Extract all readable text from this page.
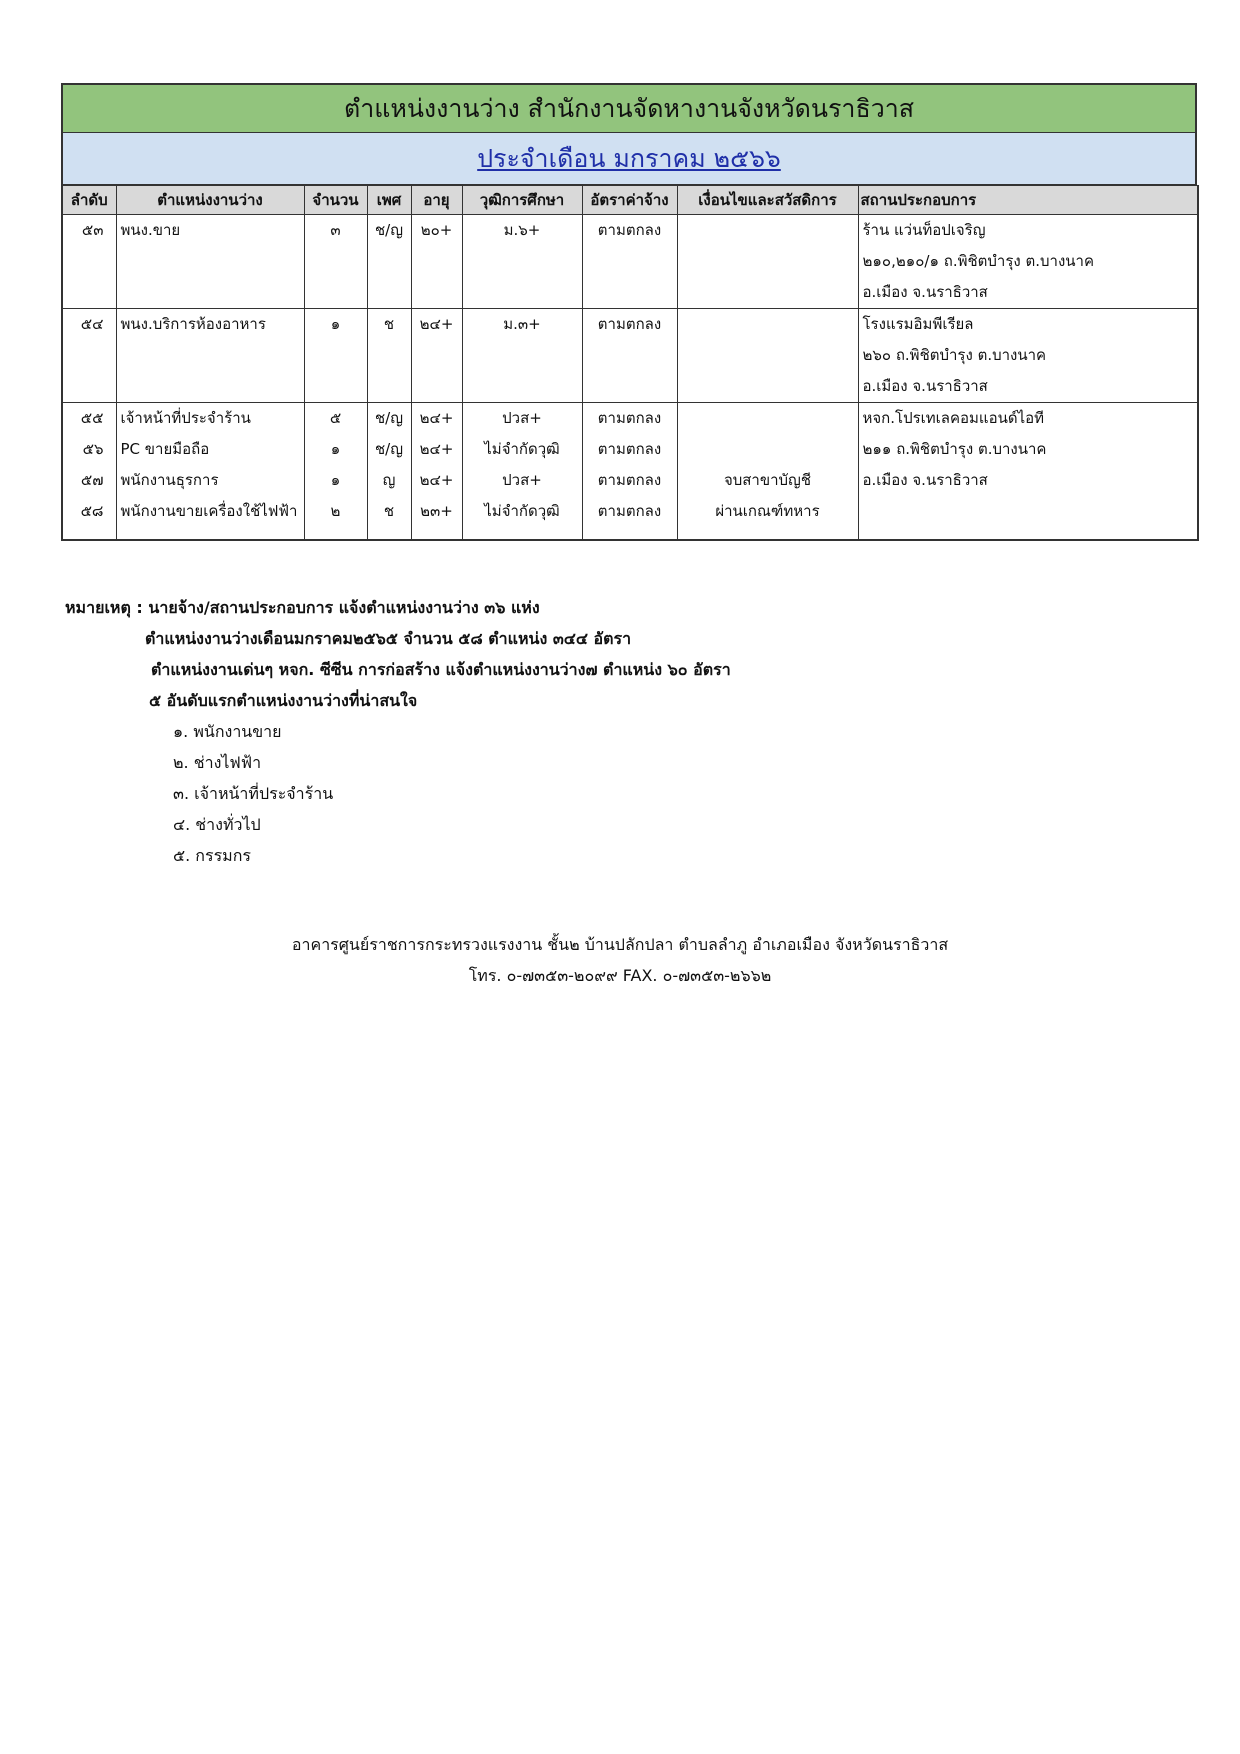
ตำแหน่งงานว่าง สำนักงานจัดหางานจังหวัดนราธิวาส
ประจำเดือน มกราคม ๒๕๖๖
ลำดับ	ตำแหน่งงานว่าง	จำนวน	เพศ	อายุ	วุฒิการศึกษา	อัตราค่าจ้าง	เงื่อนไขและสวัสดิการ	สถานประกอบการ
๕๓	พนง.ขาย	๓	ช/ญ	๒๐+	ม.๖+	ตามตกลง		ร้าน แว่นท็อปเจริญ
								๒๑๐,๒๑๐/๑ ถ.พิชิตบำรุง ต.บางนาค
								อ.เมือง จ.นราธิวาส
๕๔	พนง.บริการห้องอาหาร	๑	ช	๒๔+	ม.๓+	ตามตกลง		โรงแรมอิมพีเรียล
								๒๖๐ ถ.พิชิตบำรุง ต.บางนาค
								อ.เมือง จ.นราธิวาส
๕๕	เจ้าหน้าที่ประจำร้าน	๕	ช/ญ	๒๔+	ปวส+	ตามตกลง		หจก.โปรเทเลคอมแอนด์ไอที
๕๖	PC ขายมือถือ	๑	ช/ญ	๒๔+	ไม่จำกัดวุฒิ	ตามตกลง		๒๑๑ ถ.พิชิตบำรุง ต.บางนาค
๕๗	พนักงานธุรการ	๑	ญ	๒๔+	ปวส+	ตามตกลง	จบสาขาบัญชี	อ.เมือง จ.นราธิวาส
๕๘	พนักงานขายเครื่องใช้ไฟฟ้า	๒	ช	๒๓+	ไม่จำกัดวุฒิ	ตามตกลง	ผ่านเกณฑ์ทหาร	
หมายเหตุ : นายจ้าง/สถานประกอบการ แจ้งตำแหน่งงานว่าง ๓๖ แห่ง
ตำแหน่งงานว่างเดือนมกราคม๒๕๖๕ จำนวน ๕๘ ตำแหน่ง ๓๔๔ อัตรา
ตำแหน่งงานเด่นๆ หจก. ซีซีน การก่อสร้าง แจ้งตำแหน่งงานว่าง๗ ตำแหน่ง ๖๐ อัตรา
๕ อันดับแรกตำแหน่งงานว่างที่น่าสนใจ
๑. พนักงานขาย
๒. ช่างไฟฟ้า
๓. เจ้าหน้าที่ประจำร้าน
๔. ช่างทั่วไป
๕. กรรมกร
อาคารศูนย์ราชการกระทรวงแรงงาน ชั้น๒ บ้านปลักปลา ตำบลลำภู อำเภอเมือง จังหวัดนราธิวาส
โทร. ๐-๗๓๕๓-๒๐๙๙ FAX. ๐-๗๓๕๓-๒๖๖๒
